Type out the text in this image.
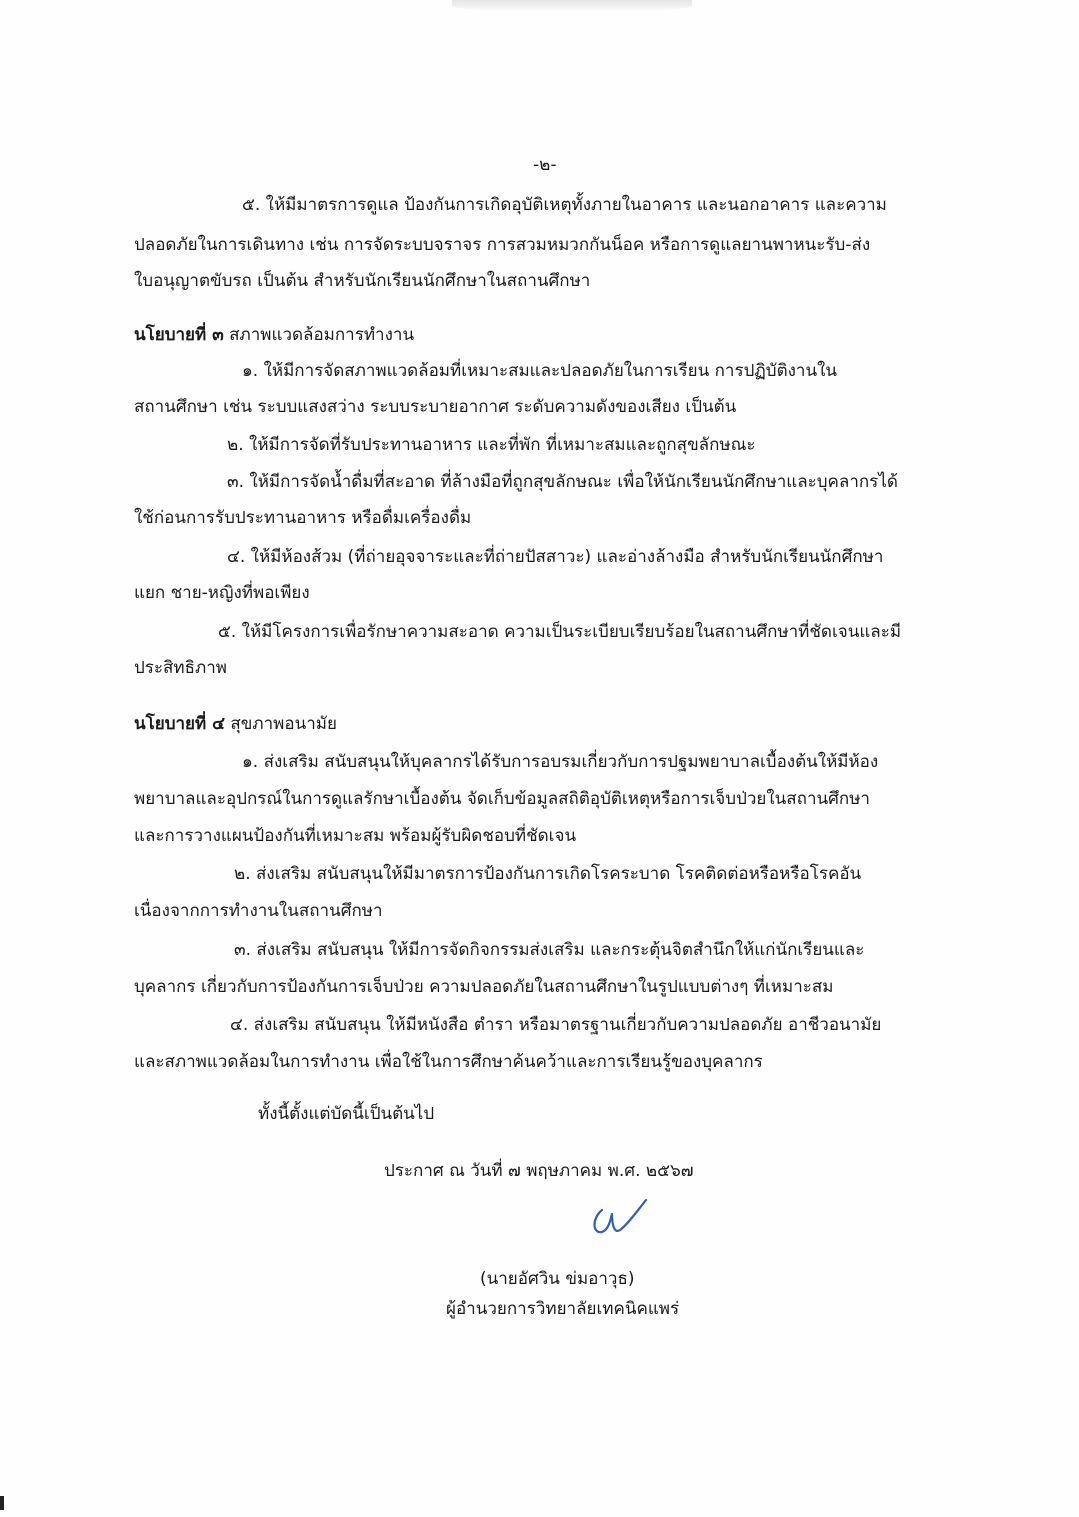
-๒-
๕. ให้มีมาตรการดูแล ป้องกันการเกิดอุบัติเหตุทั้งภายในอาคาร และนอกอาคาร และความ
ปลอดภัยในการเดินทาง เช่น การจัดระบบจราจร การสวมหมวกกันน็อค หรือการดูแลยานพาหนะรับ-ส่ง
ใบอนุญาตขับรถ เป็นต้น สำหรับนักเรียนนักศึกษาในสถานศึกษา
นโยบายที่ ๓ สภาพแวดล้อมการทำงาน
๑. ให้มีการจัดสภาพแวดล้อมที่เหมาะสมและปลอดภัยในการเรียน การปฏิบัติงานใน
สถานศึกษา เช่น ระบบแสงสว่าง ระบบระบายอากาศ ระดับความดังของเสียง เป็นต้น
๒. ให้มีการจัดที่รับประทานอาหาร และที่พัก ที่เหมาะสมและถูกสุขลักษณะ
๓. ให้มีการจัดน้ำดื่มที่สะอาด ที่ล้างมือที่ถูกสุขลักษณะ เพื่อให้นักเรียนนักศึกษาและบุคลากรได้
ใช้ก่อนการรับประทานอาหาร หรือดื่มเครื่องดื่ม
๔. ให้มีห้องส้วม (ที่ถ่ายอุจจาระและที่ถ่ายปัสสาวะ) และอ่างล้างมือ สำหรับนักเรียนนักศึกษา
แยก ชาย-หญิงที่พอเพียง
๕. ให้มีโครงการเพื่อรักษาความสะอาด ความเป็นระเบียบเรียบร้อยในสถานศึกษาที่ชัดเจนและมี
ประสิทธิภาพ
นโยบายที่ ๔ สุขภาพอนามัย
๑. ส่งเสริม สนับสนุนให้บุคลากรได้รับการอบรมเกี่ยวกับการปฐมพยาบาลเบื้องต้นให้มีห้อง
พยาบาลและอุปกรณ์ในการดูแลรักษาเบื้องต้น จัดเก็บข้อมูลสถิติอุบัติเหตุหรือการเจ็บป่วยในสถานศึกษา
และการวางแผนป้องกันที่เหมาะสม พร้อมผู้รับผิดชอบที่ชัดเจน
๒. ส่งเสริม สนับสนุนให้มีมาตรการป้องกันการเกิดโรคระบาด โรคติดต่อหรือหรือโรคอัน
เนื่องจากการทำงานในสถานศึกษา
๓. ส่งเสริม สนับสนุน ให้มีการจัดกิจกรรมส่งเสริม และกระตุ้นจิตสำนึกให้แก่นักเรียนและ
บุคลากร เกี่ยวกับการป้องกันการเจ็บป่วย ความปลอดภัยในสถานศึกษาในรูปแบบต่างๆ ที่เหมาะสม
๔. ส่งเสริม สนับสนุน ให้มีหนังสือ ตำรา หรือมาตรฐานเกี่ยวกับความปลอดภัย อาชีวอนามัย
และสภาพแวดล้อมในการทำงาน เพื่อใช้ในการศึกษาค้นคว้าและการเรียนรู้ของบุคลากร
ทั้งนี้ตั้งแต่บัดนี้เป็นต้นไป
ประกาศ ณ วันที่ ๗ พฤษภาคม พ.ศ. ๒๕๖๗
(นายอัศวิน ข่มอาวุธ)
ผู้อำนวยการวิทยาลัยเทคนิคแพร่
